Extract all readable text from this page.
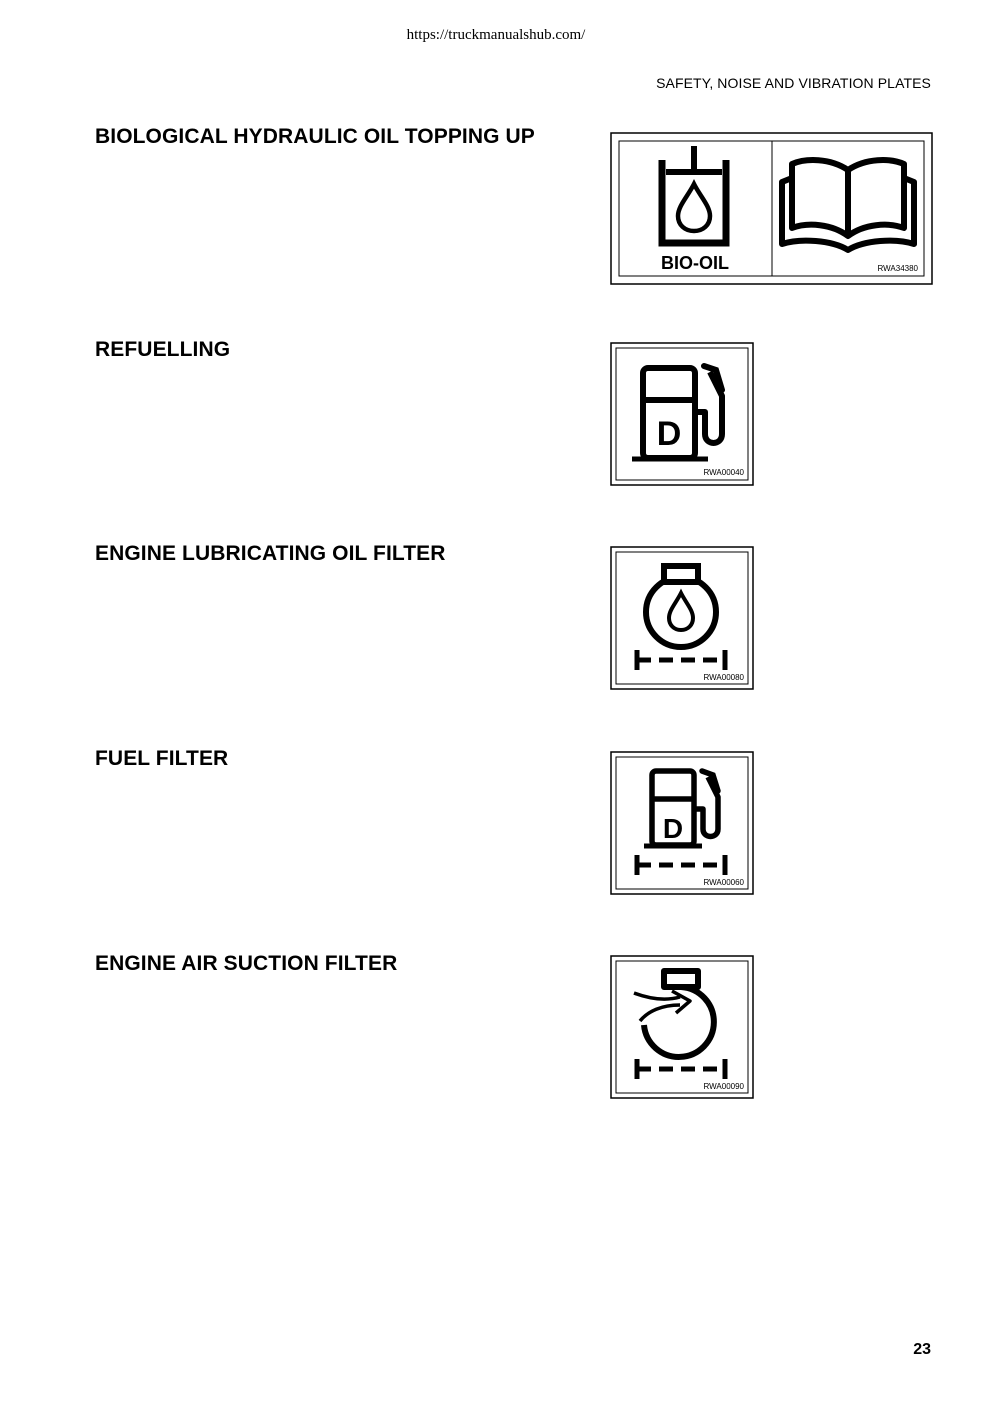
https://truckmanualshub.com/
SAFETY, NOISE AND VIBRATION PLATES
BIOLOGICAL HYDRAULIC OIL TOPPING UP
BIO-OIL	RWA34380
REFUELLING
D
RWA00040
ENGINE LUBRICATING OIL FILTER
RWA00080
FUEL FILTER
D
RWA00060
ENGINE AIR SUCTION FILTER
RWA00090
23
